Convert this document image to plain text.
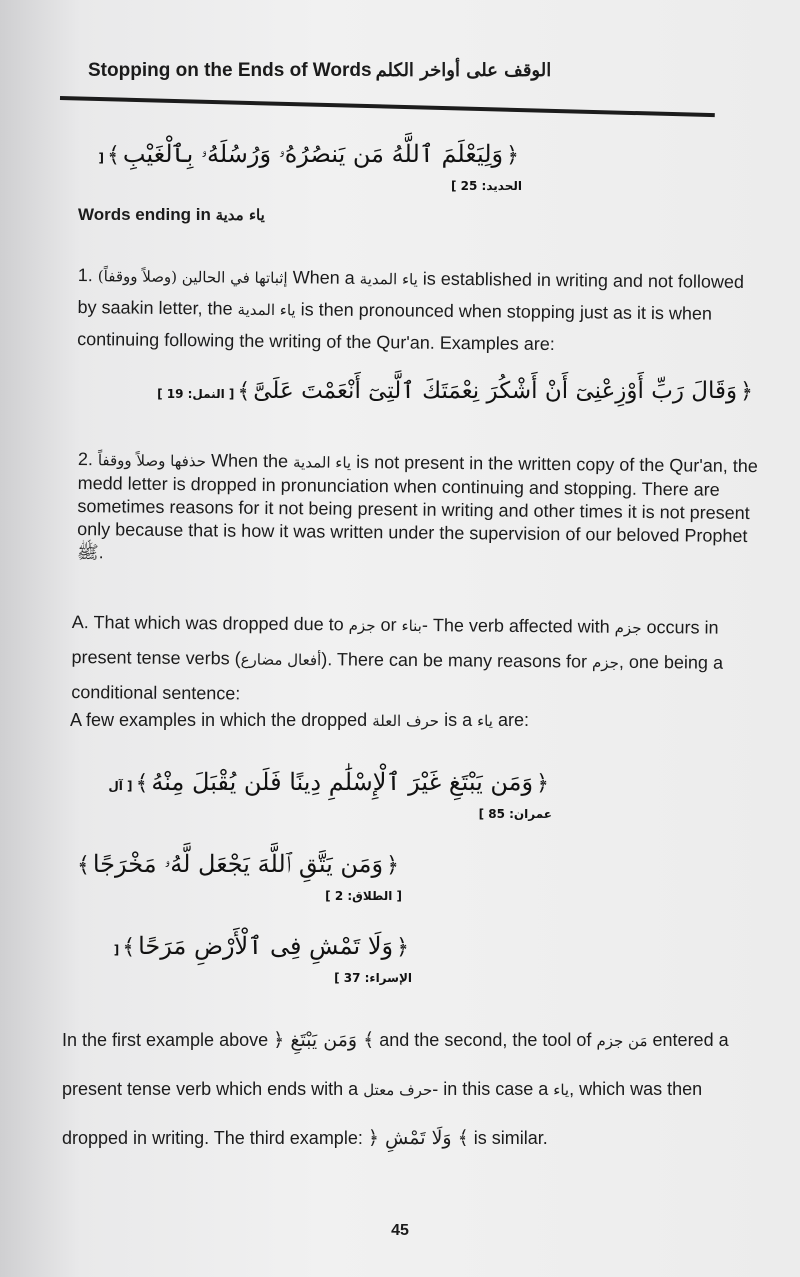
Stopping on the Ends of Words الوقف على أواخر الكلم
﴿وَلِيَعْلَمَ ٱللَّهُ مَن يَنصُرُهُۥ وَرُسُلَهُۥ بِٱلْغَيْبِ﴾[ الحديد: 25 ]
Words ending in ياء مدية
1. إثباتها في الحالين (وصلاً ووقفاً) When a ياء المدية is established in writing and not followed by saakin letter, the ياء المدية is then pronounced when stopping just as it is when continuing following the writing of the Qur'an. Examples are:
﴿وَقَالَ رَبِّ أَوْزِعْنِىٓ أَنْ أَشْكُرَ نِعْمَتَكَ ٱلَّتِىٓ أَنْعَمْتَ عَلَىَّ﴾[ النمل: 19 ]
2. حذفها وصلاً ووقفاً When the ياء المدية is not present in the written copy of the Qur'an, the medd letter is dropped in pronunciation when continuing and stopping. There are sometimes reasons for it not being present in writing and other times it is not present only because that is how it was written under the supervision of our beloved Prophet ﷺ.
A. That which was dropped due to جزم or بناء- The verb affected with جزم occurs in present tense verbs (أفعال مضارع). There can be many reasons for جزم, one being a conditional sentence:
A few examples in which the dropped حرف العلة is a ياء are:
﴿وَمَن يَبْتَغِ غَيْرَ ٱلْإِسْلَٰمِ دِينًا فَلَن يُقْبَلَ مِنْهُ﴾[ آل عمران: 85 ]
﴿وَمَن يَتَّقِ ٱللَّهَ يَجْعَل لَّهُۥ مَخْرَجًا﴾[ الطلاق: 2 ]
﴿وَلَا تَمْشِ فِى ٱلْأَرْضِ مَرَحًا﴾[ الإسراء: 37 ]
In the first example above ﴿ وَمَن يَبْتَغِ ﴾ and the second, the tool of مَن جزم entered a present tense verb which ends with a حرف معتل- in this case a ياء, which was then dropped in writing. The third example: ﴿ وَلَا تَمْشِ ﴾ is similar.
45
